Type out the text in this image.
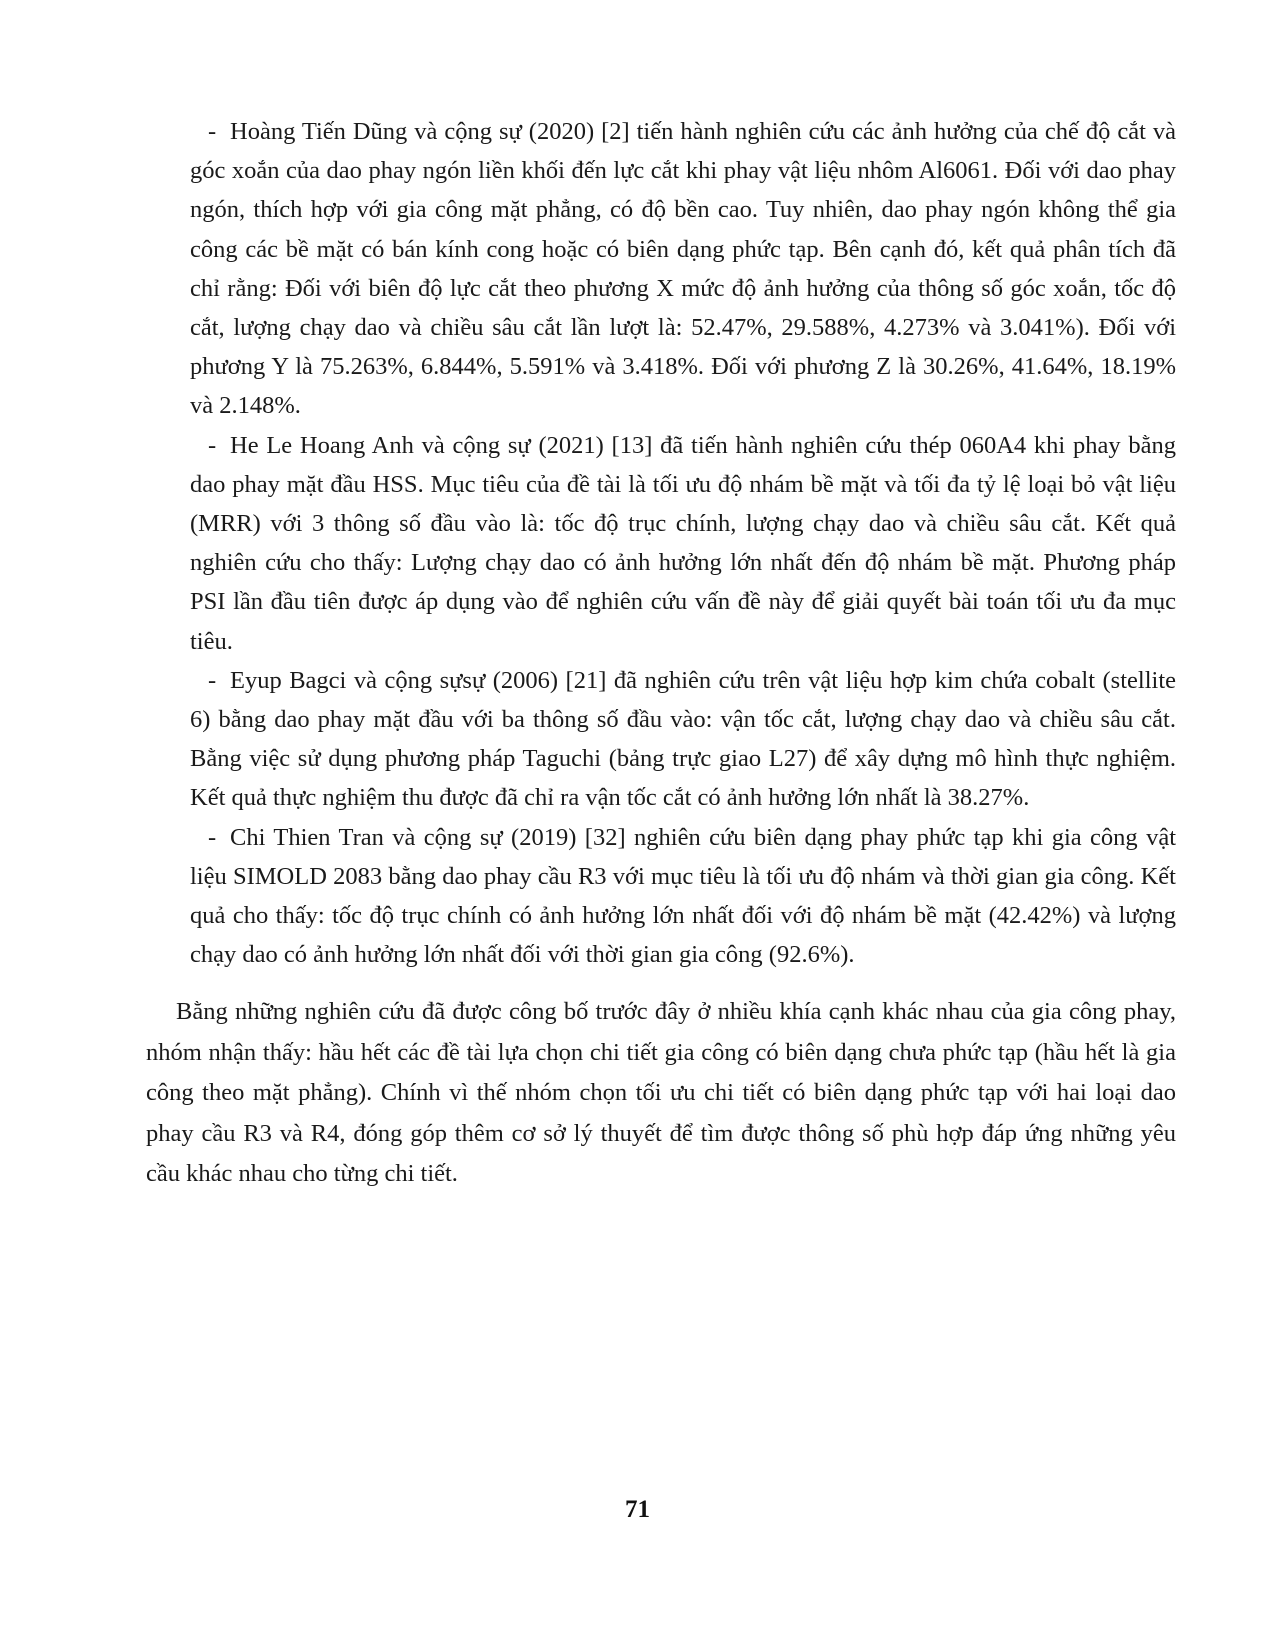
- Hoàng Tiến Dũng và cộng sự (2020) [2] tiến hành nghiên cứu các ảnh hưởng của chế độ cắt và góc xoắn của dao phay ngón liền khối đến lực cắt khi phay vật liệu nhôm Al6061. Đối với dao phay ngón, thích hợp với gia công mặt phẳng, có độ bền cao. Tuy nhiên, dao phay ngón không thể gia công các bề mặt có bán kính cong hoặc có biên dạng phức tạp. Bên cạnh đó, kết quả phân tích đã chỉ rằng: Đối với biên độ lực cắt theo phương X mức độ ảnh hưởng của thông số góc xoắn, tốc độ cắt, lượng chạy dao và chiều sâu cắt lần lượt là: 52.47%, 29.588%, 4.273% và 3.041%). Đối với phương Y là 75.263%, 6.844%, 5.591% và 3.418%. Đối với phương Z là 30.26%, 41.64%, 18.19% và 2.148%.
- He Le Hoang Anh và cộng sự (2021) [13] đã tiến hành nghiên cứu thép 060A4 khi phay bằng dao phay mặt đầu HSS. Mục tiêu của đề tài là tối ưu độ nhám bề mặt và tối đa tỷ lệ loại bỏ vật liệu (MRR) với 3 thông số đầu vào là: tốc độ trục chính, lượng chạy dao và chiều sâu cắt. Kết quả nghiên cứu cho thấy: Lượng chạy dao có ảnh hưởng lớn nhất đến độ nhám bề mặt. Phương pháp PSI lần đầu tiên được áp dụng vào để nghiên cứu vấn đề này để giải quyết bài toán tối ưu đa mục tiêu.
- Eyup Bagci và cộng sựsự (2006) [21] đã nghiên cứu trên vật liệu hợp kim chứa cobalt (stellite 6) bằng dao phay mặt đầu với ba thông số đầu vào: vận tốc cắt, lượng chạy dao và chiều sâu cắt. Bằng việc sử dụng phương pháp Taguchi (bảng trực giao L27) để xây dựng mô hình thực nghiệm. Kết quả thực nghiệm thu được đã chỉ ra vận tốc cắt có ảnh hưởng lớn nhất là 38.27%.
- Chi Thien Tran và cộng sự (2019) [32] nghiên cứu biên dạng phay phức tạp khi gia công vật liệu SIMOLD 2083 bằng dao phay cầu R3 với mục tiêu là tối ưu độ nhám và thời gian gia công. Kết quả cho thấy: tốc độ trục chính có ảnh hưởng lớn nhất đối với độ nhám bề mặt (42.42%) và lượng chạy dao có ảnh hưởng lớn nhất đối với thời gian gia công (92.6%).

Bằng những nghiên cứu đã được công bố trước đây ở nhiều khía cạnh khác nhau của gia công phay, nhóm nhận thấy: hầu hết các đề tài lựa chọn chi tiết gia công có biên dạng chưa phức tạp (hầu hết là gia công theo mặt phẳng). Chính vì thế nhóm chọn tối ưu chi tiết có biên dạng phức tạp với hai loại dao phay cầu R3 và R4, đóng góp thêm cơ sở lý thuyết để tìm được thông số phù hợp đáp ứng những yêu cầu khác nhau cho từng chi tiết.

71
